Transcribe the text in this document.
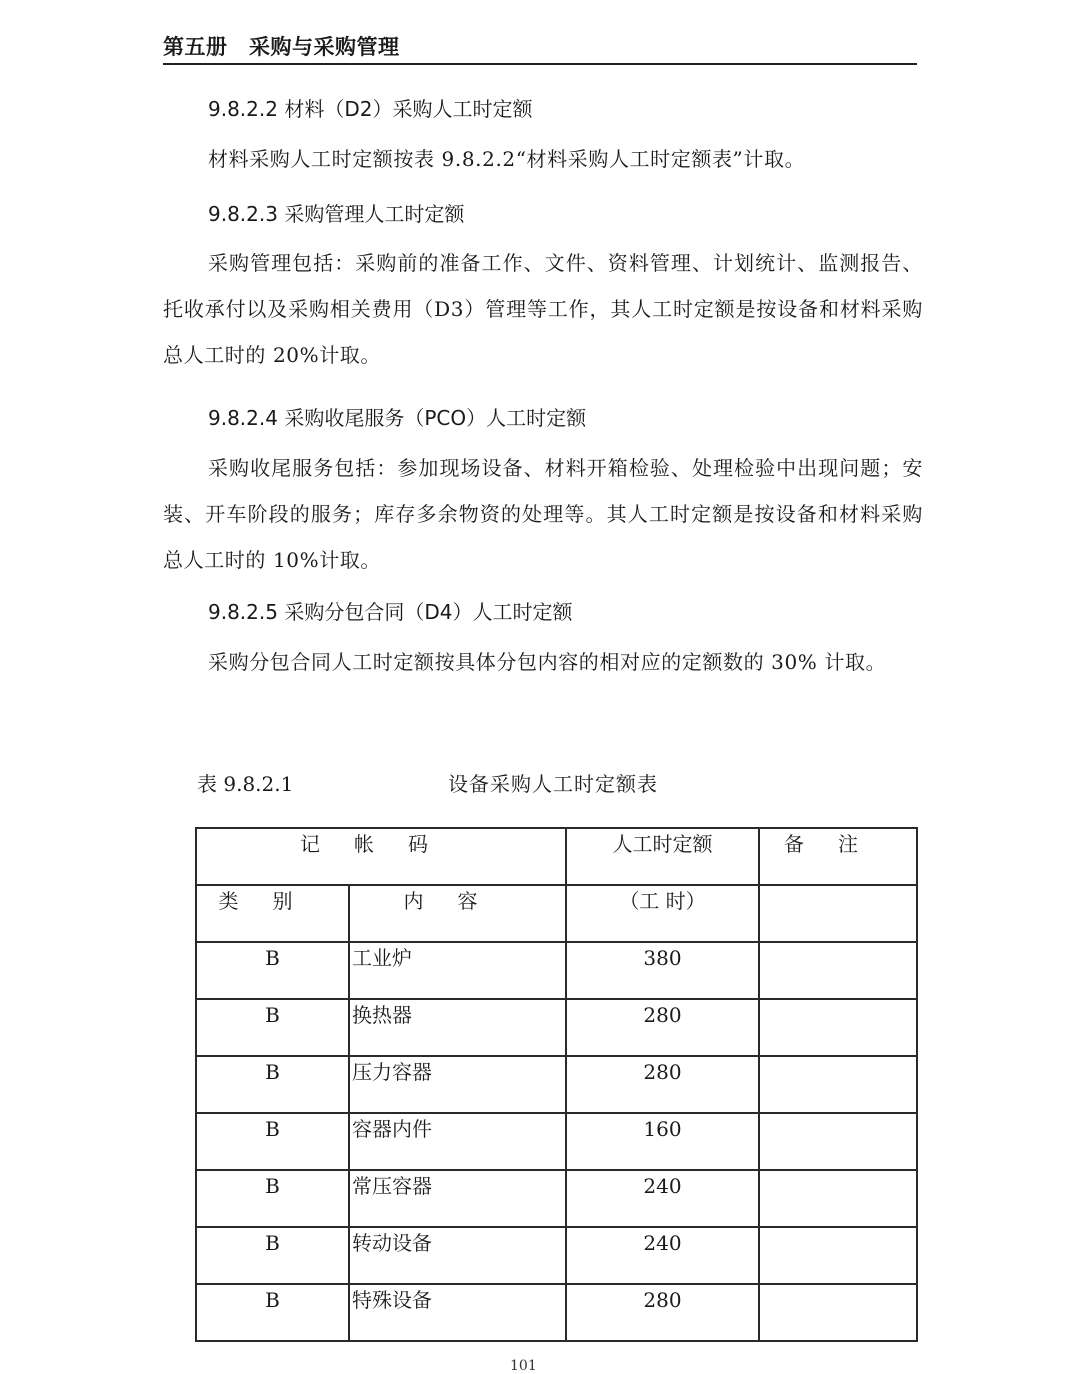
第五册　采购与采购管理
9.8.2.2 材料（D2）采购人工时定额
材料采购人工时定额按表 9.8.2.2“材料采购人工时定额表”计取。
9.8.2.3 采购管理人工时定额
采购管理包括：采购前的准备工作、文件、资料管理、计划统计、监测报告、托收承付以及采购相关费用（D3）管理等工作，其人工时定额是按设备和材料采购总人工时的 20%计取。
9.8.2.4 采购收尾服务（PCO）人工时定额
采购收尾服务包括：参加现场设备、材料开箱检验、处理检验中出现问题；安装、开车阶段的服务；库存多余物资的处理等。其人工时定额是按设备和材料采购总人工时的 10%计取。
9.8.2.5 采购分包合同（D4）人工时定额
采购分包合同人工时定额按具体分包内容的相对应的定额数的 30% 计取。
表 9.8.2.1	设备采购人工时定额表
记帐码		人工时定额	备注
类别	内容	（工 时）	
B	工业炉	380	
B	换热器	280	
B	压力容器	280	
B	容器内件	160	
B	常压容器	240	
B	转动设备	240	
B	特殊设备	280	
101
